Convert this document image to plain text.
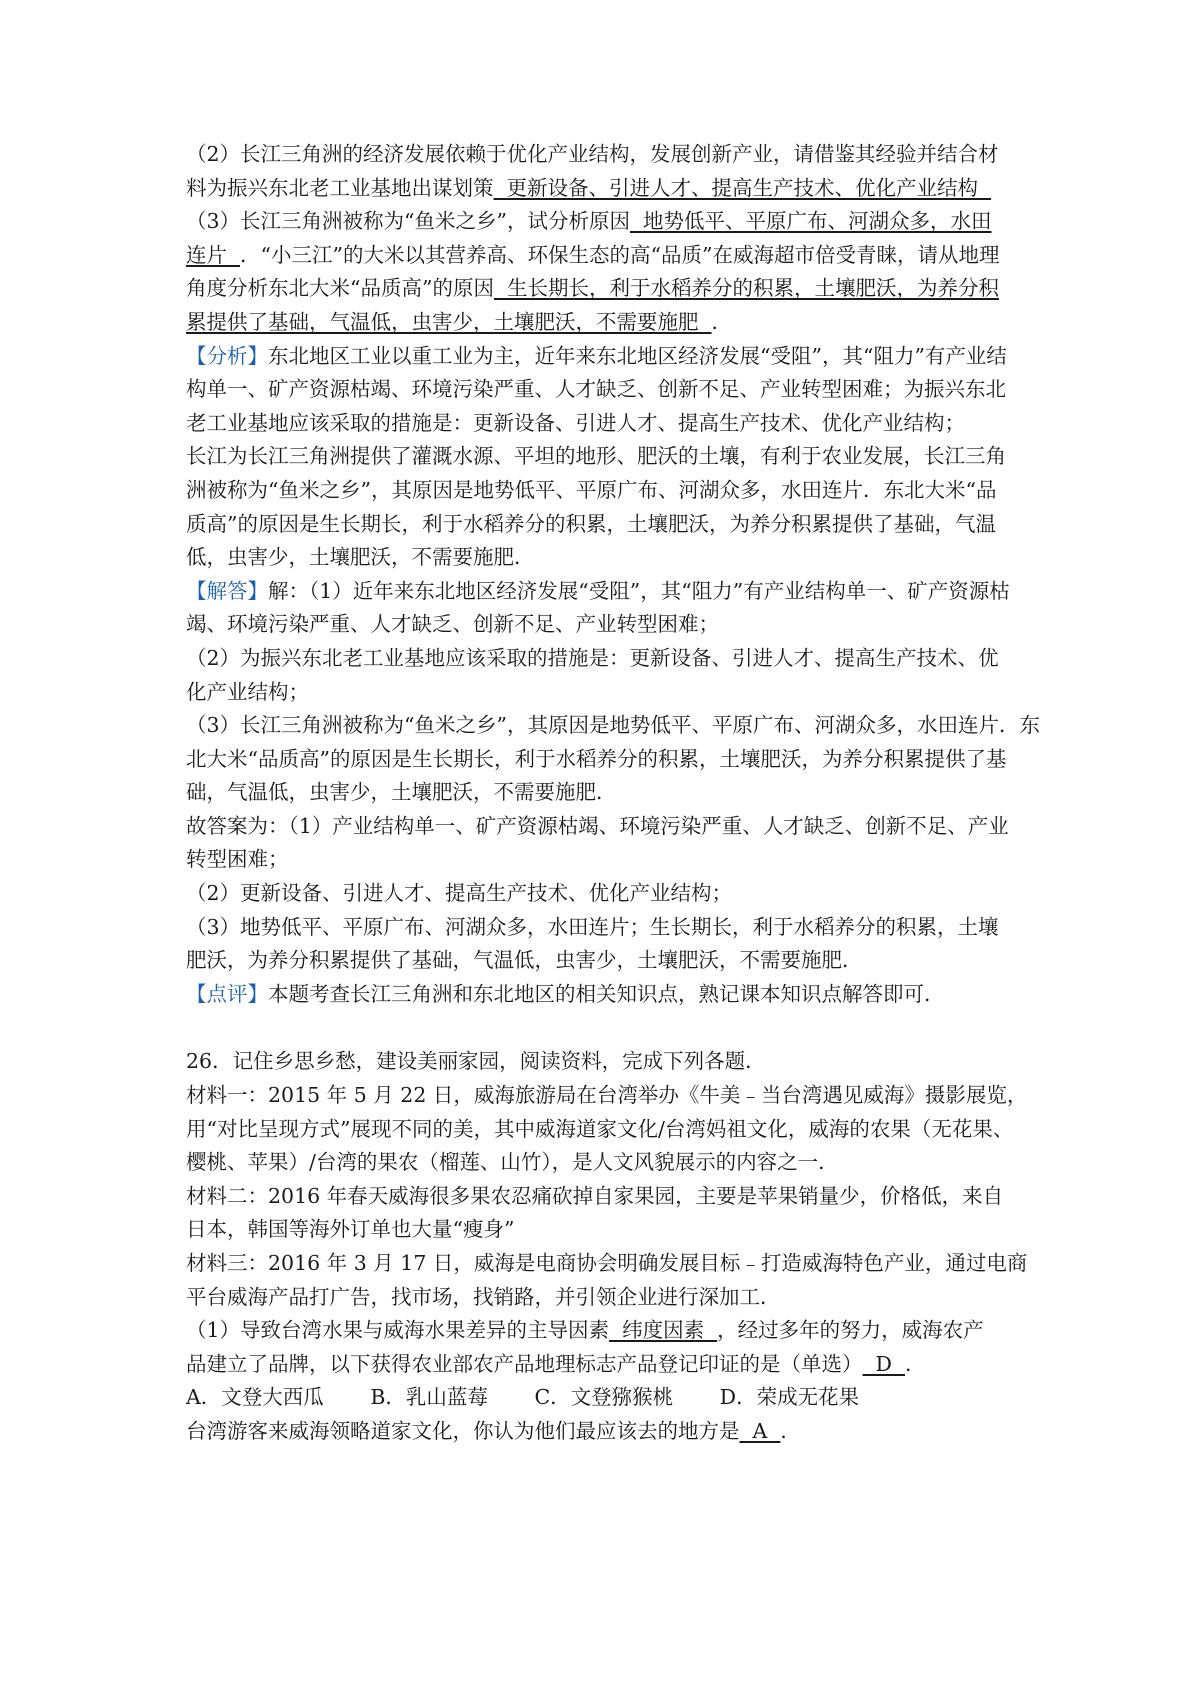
（2）长江三角洲的经济发展依赖于优化产业结构，发展创新产业，请借鉴其经验并结合材
料为振兴东北老工业基地出谋划策  更新设备、引进人才、提高生产技术、优化产业结构
（3）长江三角洲被称为“鱼米之乡”，试分析原因  地势低平、平原广布、河湖众多，水田
连片  ．“小三江”的大米以其营养高、环保生态的高“品质”在威海超市倍受青睐，请从地理
角度分析东北大米“品质高”的原因  生长期长，利于水稻养分的积累，土壤肥沃，为养分积
累提供了基础，气温低，虫害少，土壤肥沃，不需要施肥  ．
【分析】东北地区工业以重工业为主，近年来东北地区经济发展“受阻”，其“阻力”有产业结
构单一、矿产资源枯竭、环境污染严重、人才缺乏、创新不足、产业转型困难；为振兴东北
老工业基地应该采取的措施是：更新设备、引进人才、提高生产技术、优化产业结构；
长江为长江三角洲提供了灌溉水源、平坦的地形、肥沃的土壤，有利于农业发展，长江三角
洲被称为“鱼米之乡”，其原因是地势低平、平原广布、河湖众多，水田连片．东北大米“品
质高”的原因是生长期长，利于水稻养分的积累，土壤肥沃，为养分积累提供了基础，气温
低，虫害少，土壤肥沃，不需要施肥．
【解答】解：（1）近年来东北地区经济发展“受阻”，其“阻力”有产业结构单一、矿产资源枯
竭、环境污染严重、人才缺乏、创新不足、产业转型困难；
（2）为振兴东北老工业基地应该采取的措施是：更新设备、引进人才、提高生产技术、优
化产业结构；
（3）长江三角洲被称为“鱼米之乡”，其原因是地势低平、平原广布、河湖众多，水田连片．东
北大米“品质高”的原因是生长期长，利于水稻养分的积累，土壤肥沃，为养分积累提供了基
础，气温低，虫害少，土壤肥沃，不需要施肥．
故答案为：（1）产业结构单一、矿产资源枯竭、环境污染严重、人才缺乏、创新不足、产业
转型困难；
（2）更新设备、引进人才、提高生产技术、优化产业结构；
（3）地势低平、平原广布、河湖众多，水田连片；生长期长，利于水稻养分的积累，土壤
肥沃，为养分积累提供了基础，气温低，虫害少，土壤肥沃，不需要施肥．
【点评】本题考查长江三角洲和东北地区的相关知识点，熟记课本知识点解答即可．
26．记住乡思乡愁，建设美丽家园，阅读资料，完成下列各题．
材料一：2015 年 5 月 22 日，威海旅游局在台湾举办《牛美﹣当台湾遇见威海》摄影展览，
用“对比呈现方式”展现不同的美，其中威海道家文化/台湾妈祖文化，威海的农果（无花果、
樱桃、苹果）/台湾的果农（榴莲、山竹），是人文风貌展示的内容之一．
材料二：2016 年春天威海很多果农忍痛砍掉自家果园，主要是苹果销量少，价格低，来自
日本，韩国等海外订单也大量“瘦身”
材料三：2016 年 3 月 17 日，威海是电商协会明确发展目标﹣打造威海特色产业，通过电商
平台威海产品打广告，找市场，找销路，并引领企业进行深加工．
（1）导致台湾水果与威海水果差异的主导因素  纬度因素  ，经过多年的努力，威海农产
品建立了品牌，以下获得农业部农产品地理标志产品登记印证的是（单选）  D  ．
A．文登大西瓜 B．乳山蓝莓 C．文登猕猴桃 D．荣成无花果
台湾游客来威海领略道家文化，你认为他们最应该去的地方是  A  ．
